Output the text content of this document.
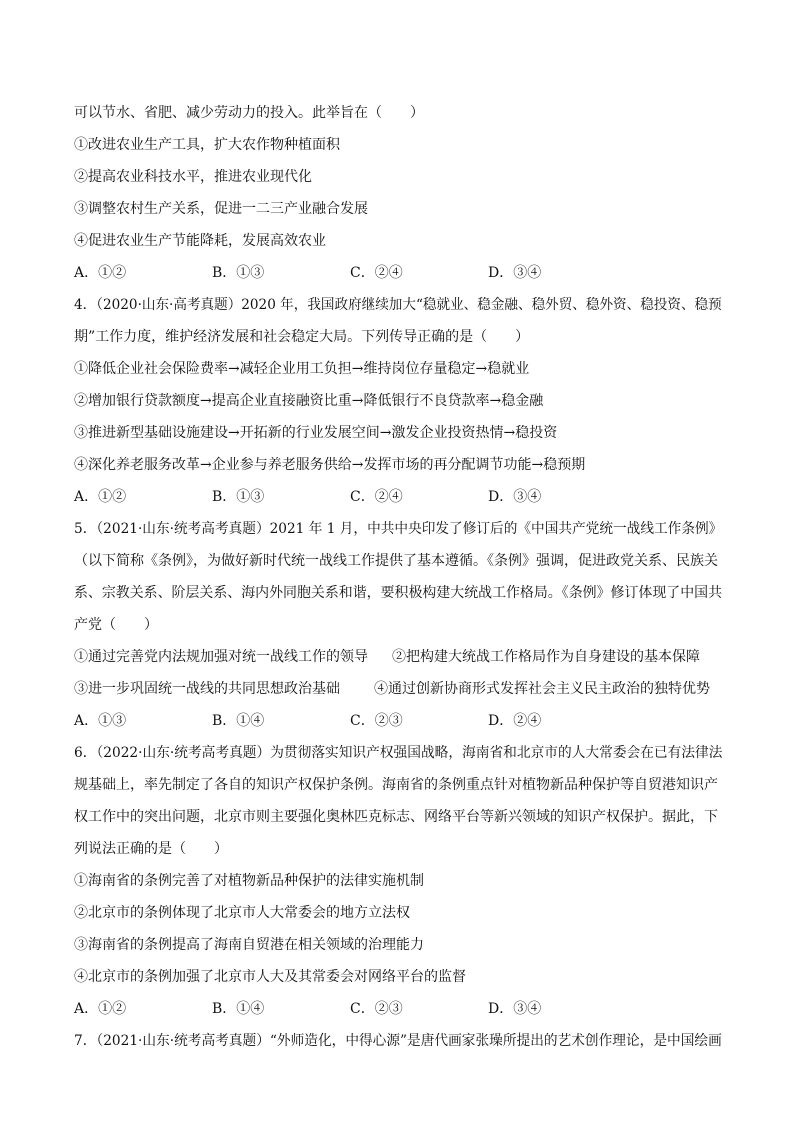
可以节水、省肥、减少劳动力的投入。此举旨在（　　）
①改进农业生产工具，扩大农作物种植面积
②提高农业科技水平，推进农业现代化
③调整农村生产关系，促进一二三产业融合发展
④促进农业生产节能降耗，发展高效农业
A．①②	B．①③	C．②④	D．③④
4．（2020·山东·高考真题）2020 年，我国政府继续加大“稳就业、稳金融、稳外贸、稳外资、稳投资、稳预
期”工作力度，维护经济发展和社会稳定大局。下列传导正确的是（　　）
①降低企业社会保险费率→减轻企业用工负担→维持岗位存量稳定→稳就业
②增加银行贷款额度→提高企业直接融资比重→降低银行不良贷款率→稳金融
③推进新型基础设施建设→开拓新的行业发展空间→激发企业投资热情→稳投资
④深化养老服务改革→企业参与养老服务供给→发挥市场的再分配调节功能→稳预期
A．①②	B．①③	C．②④	D．③④
5．（2021·山东·统考高考真题）2021 年 1 月，中共中央印发了修订后的《中国共产党统一战线工作条例》
（以下简称《条例》，为做好新时代统一战线工作提供了基本遵循。《条例》强调，促进政党关系、民族关
系、宗教关系、阶层关系、海内外同胞关系和谐，要积极构建大统战工作格局。《条例》修订体现了中国共
产党（　　）
①通过完善党内法规加强对统一战线工作的领导 ②把构建大统战工作格局作为自身建设的基本保障
③进一步巩固统一战线的共同思想政治基础 ④通过创新协商形式发挥社会主义民主政治的独特优势
A．①③	B．①④	C．②③	D．②④
6．（2022·山东·统考高考真题）为贯彻落实知识产权强国战略，海南省和北京市的人大常委会在已有法律法
规基础上，率先制定了各自的知识产权保护条例。海南省的条例重点针对植物新品种保护等自贸港知识产
权工作中的突出问题，北京市则主要强化奥林匹克标志、网络平台等新兴领域的知识产权保护。据此，下
列说法正确的是（　　）
①海南省的条例完善了对植物新品种保护的法律实施机制
②北京市的条例体现了北京市人大常委会的地方立法权
③海南省的条例提高了海南自贸港在相关领域的治理能力
④北京市的条例加强了北京市人大及其常委会对网络平台的监督
A．①②	B．①④	C．②③	D．③④
7．（2021·山东·统考高考真题）“外师造化，中得心源”是唐代画家张璪所提出的艺术创作理论，是中国绘画
